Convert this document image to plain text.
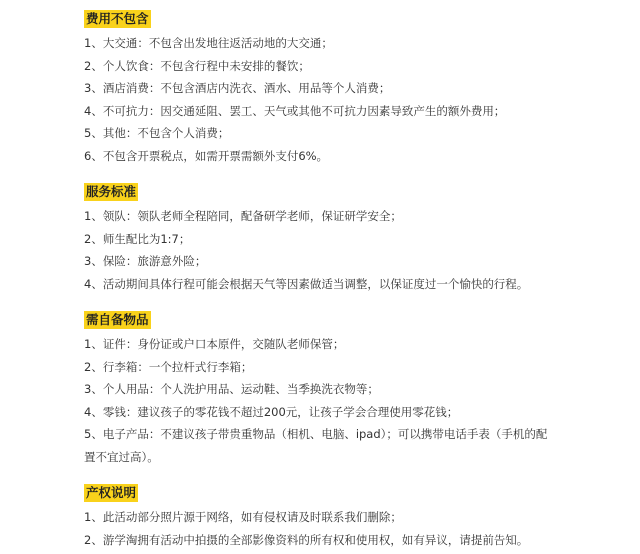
费用不包含
1、大交通：不包含出发地往返活动地的大交通；
2、个人饮食：不包含行程中未安排的餐饮；
3、酒店消费：不包含酒店内洗衣、酒水、用品等个人消费；
4、不可抗力：因交通延阻、罢工、天气或其他不可抗力因素导致产生的额外费用；
5、其他：不包含个人消费；
6、不包含开票税点，如需开票需额外支付6%。
服务标准
1、领队：领队老师全程陪同，配备研学老师，保证研学安全；
2、师生配比为1:7；
3、保险：旅游意外险；
4、活动期间具体行程可能会根据天气等因素做适当调整，以保证度过一个愉快的行程。
需自备物品
1、证件：身份证或户口本原件，交随队老师保管；
2、行李箱：一个拉杆式行李箱；
3、个人用品：个人洗护用品、运动鞋、当季换洗衣物等；
4、零钱：建议孩子的零花钱不超过200元，让孩子学会合理使用零花钱；
5、电子产品：不建议孩子带贵重物品（相机、电脑、ipad）；可以携带电话手表（手机的配置不宜过高）。
产权说明
1、此活动部分照片源于网络，如有侵权请及时联系我们删除；
2、游学淘拥有活动中拍摄的全部影像资料的所有权和使用权，如有异议，请提前告知。
